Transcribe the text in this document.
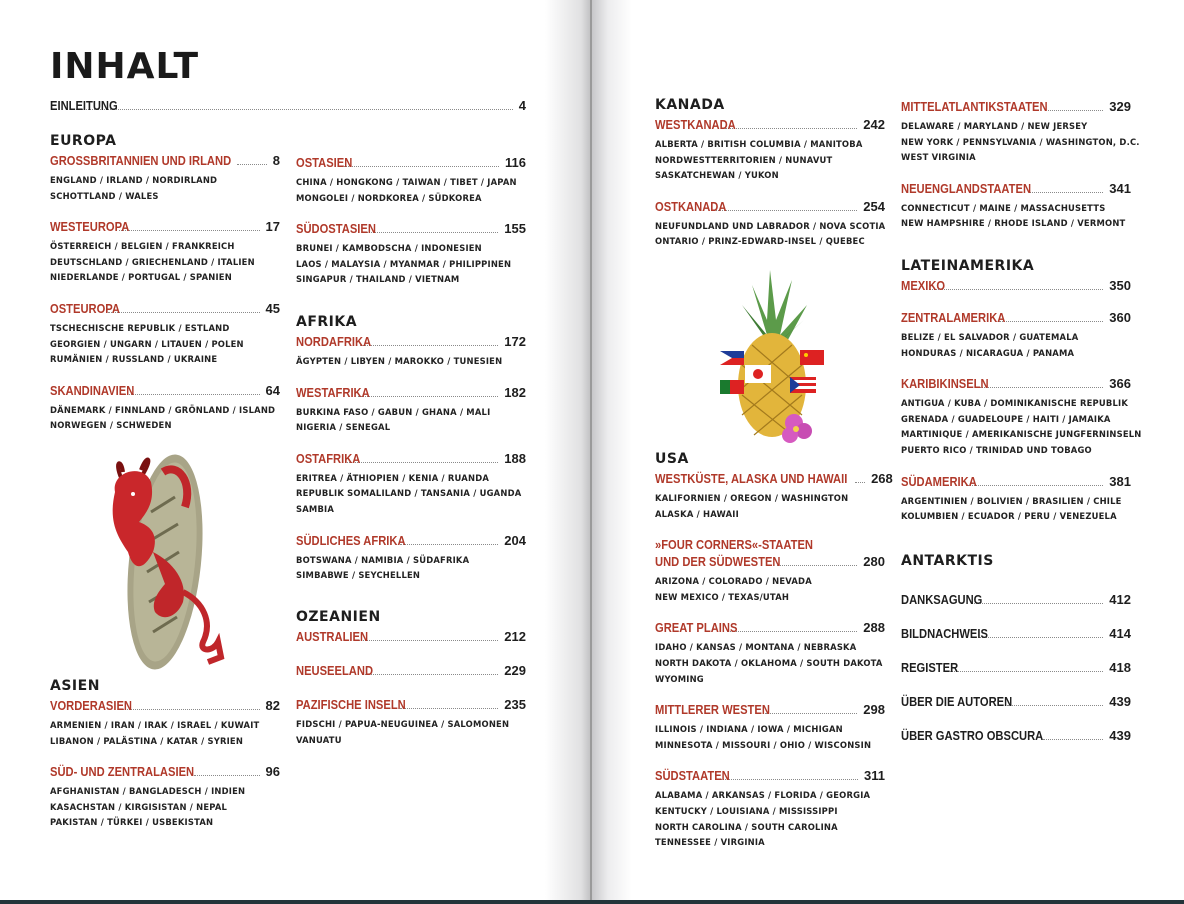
INHALT
EINLEITUNG	4
EUROPA
GROSSBRITANNIEN UND IRLAND	8
ENGLAND / IRLAND / NORDIRLAND
SCHOTTLAND / WALES
WESTEUROPA	17
ÖSTERREICH / BELGIEN / FRANKREICH
DEUTSCHLAND / GRIECHENLAND / ITALIEN
NIEDERLANDE / PORTUGAL / SPANIEN
OSTEUROPA	45
TSCHECHISCHE REPUBLIK / ESTLAND
GEORGIEN / UNGARN / LITAUEN / POLEN
RUMÄNIEN / RUSSLAND / UKRAINE
SKANDINAVIEN	64
DÄNEMARK / FINNLAND / GRÖNLAND / ISLAND
NORWEGEN / SCHWEDEN
ASIEN
VORDERASIEN	82
ARMENIEN / IRAN / IRAK / ISRAEL / KUWAIT
LIBANON / PALÄSTINA / KATAR / SYRIEN
SÜD- UND ZENTRALASIEN	96
AFGHANISTAN / BANGLADESCH / INDIEN
KASACHSTAN / KIRGISISTAN / NEPAL
PAKISTAN / TÜRKEI / USBEKISTAN
OSTASIEN	116
CHINA / HONGKONG / TAIWAN / TIBET / JAPAN
MONGOLEI / NORDKOREA / SÜDKOREA
SÜDOSTASIEN	155
BRUNEI / KAMBODSCHA / INDONESIEN
LAOS / MALAYSIA / MYANMAR / PHILIPPINEN
SINGAPUR / THAILAND / VIETNAM
AFRIKA
NORDAFRIKA	172
ÄGYPTEN / LIBYEN / MAROKKO / TUNESIEN
WESTAFRIKA	182
BURKINA FASO / GABUN / GHANA / MALI
NIGERIA / SENEGAL
OSTAFRIKA	188
ERITREA / ÄTHIOPIEN / KENIA / RUANDA
REPUBLIK SOMALILAND / TANSANIA / UGANDA
SAMBIA
SÜDLICHES AFRIKA	204
BOTSWANA / NAMIBIA / SÜDAFRIKA
SIMBABWE / SEYCHELLEN
OZEANIEN
AUSTRALIEN	212
NEUSEELAND	229
PAZIFISCHE INSELN	235
FIDSCHI / PAPUA-NEUGUINEA / SALOMONEN
VANUATU
KANADA
WESTKANADA	242
ALBERTA / BRITISH COLUMBIA / MANITOBA
NORDWESTTERRITORIEN / NUNAVUT
SASKATCHEWAN / YUKON
OSTKANADA	254
NEUFUNDLAND UND LABRADOR / NOVA SCOTIA
ONTARIO / PRINZ-EDWARD-INSEL / QUEBEC
USA
WESTKÜSTE, ALASKA UND HAWAII 268
KALIFORNIEN / OREGON / WASHINGTON
ALASKA / HAWAII
»FOUR CORNERS«-STAATEN
UND DER SÜDWESTEN	280
ARIZONA / COLORADO / NEVADA
NEW MEXICO / TEXAS/UTAH
GREAT PLAINS	288
IDAHO / KANSAS / MONTANA / NEBRASKA
NORTH DAKOTA / OKLAHOMA / SOUTH DAKOTA
WYOMING
MITTLERER WESTEN	298
ILLINOIS / INDIANA / IOWA / MICHIGAN
MINNESOTA / MISSOURI / OHIO / WISCONSIN
SÜDSTAATEN	311
ALABAMA / ARKANSAS / FLORIDA / GEORGIA
KENTUCKY / LOUISIANA / MISSISSIPPI
NORTH CAROLINA / SOUTH CAROLINA
TENNESSEE / VIRGINIA
MITTELATLANTIKSTAATEN	329
DELAWARE / MARYLAND / NEW JERSEY
NEW YORK / PENNSYLVANIA / WASHINGTON, D.C.
WEST VIRGINIA
NEUENGLANDSTAATEN	341
CONNECTICUT / MAINE / MASSACHUSETTS
NEW HAMPSHIRE / RHODE ISLAND / VERMONT
LATEINAMERIKA
MEXIKO	350
ZENTRALAMERIKA	360
BELIZE / EL SALVADOR / GUATEMALA
HONDURAS / NICARAGUA / PANAMA
KARIBIKINSELN	366
ANTIGUA / KUBA / DOMINIKANISCHE REPUBLIK
GRENADA / GUADELOUPE / HAITI / JAMAIKA
MARTINIQUE / AMERIKANISCHE JUNGFERNINSELN
PUERTO RICO / TRINIDAD UND TOBAGO
SÜDAMERIKA	381
ARGENTINIEN / BOLIVIEN / BRASILIEN / CHILE
KOLUMBIEN / ECUADOR / PERU / VENEZUELA
ANTARKTIS
DANKSAGUNG	412
BILDNACHWEIS	414
REGISTER	418
ÜBER DIE AUTOREN	439
ÜBER GASTRO OBSCURA	439
